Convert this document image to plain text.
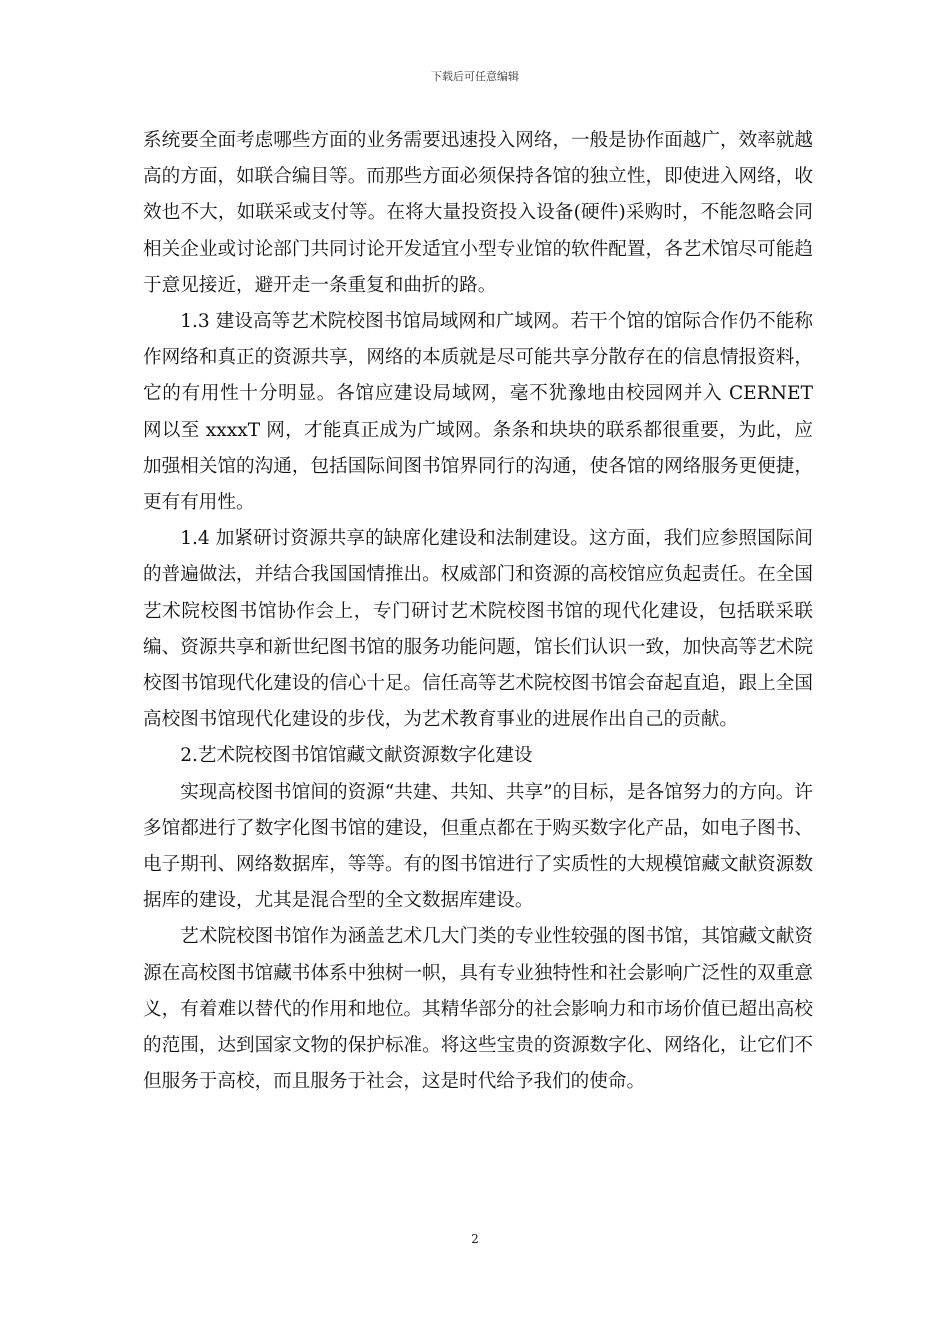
下载后可任意编辑

系统要全面考虑哪些方面的业务需要迅速投入网络，一般是协作面越广，效率就越高的方面，如联合编目等。而那些方面必须保持各馆的独立性，即使进入网络，收效也不大，如联采或支付等。在将大量投资投入设备(硬件)采购时，不能忽略会同相关企业或讨论部门共同讨论开发适宜小型专业馆的软件配置，各艺术馆尽可能趋于意见接近，避开走一条重复和曲折的路。

1.3 建设高等艺术院校图书馆局域网和广域网。若干个馆的馆际合作仍不能称作网络和真正的资源共享，网络的本质就是尽可能共享分散存在的信息情报资料，它的有用性十分明显。各馆应建设局域网，毫不犹豫地由校园网并入 CERNET 网以至 xxxxT 网，才能真正成为广域网。条条和块块的联系都很重要，为此，应加强相关馆的沟通，包括国际间图书馆界同行的沟通，使各馆的网络服务更便捷，更有有用性。

1.4 加紧研讨资源共享的缺席化建设和法制建设。这方面，我们应参照国际间的普遍做法，并结合我国国情推出。权威部门和资源的高校馆应负起责任。在全国艺术院校图书馆协作会上，专门研讨艺术院校图书馆的现代化建设，包括联采联编、资源共享和新世纪图书馆的服务功能问题，馆长们认识一致，加快高等艺术院校图书馆现代化建设的信心十足。信任高等艺术院校图书馆会奋起直追，跟上全国高校图书馆现代化建设的步伐，为艺术教育事业的进展作出自己的贡献。

2.艺术院校图书馆馆藏文献资源数字化建设

实现高校图书馆间的资源“共建、共知、共享”的目标，是各馆努力的方向。许多馆都进行了数字化图书馆的建设，但重点都在于购买数字化产品，如电子图书、电子期刊、网络数据库，等等。有的图书馆进行了实质性的大规模馆藏文献资源数据库的建设，尤其是混合型的全文数据库建设。

艺术院校图书馆作为涵盖艺术几大门类的专业性较强的图书馆，其馆藏文献资源在高校图书馆藏书体系中独树一帜，具有专业独特性和社会影响广泛性的双重意义，有着难以替代的作用和地位。其精华部分的社会影响力和市场价值已超出高校的范围，达到国家文物的保护标准。将这些宝贵的资源数字化、网络化，让它们不但服务于高校，而且服务于社会，这是时代给予我们的使命。

2
